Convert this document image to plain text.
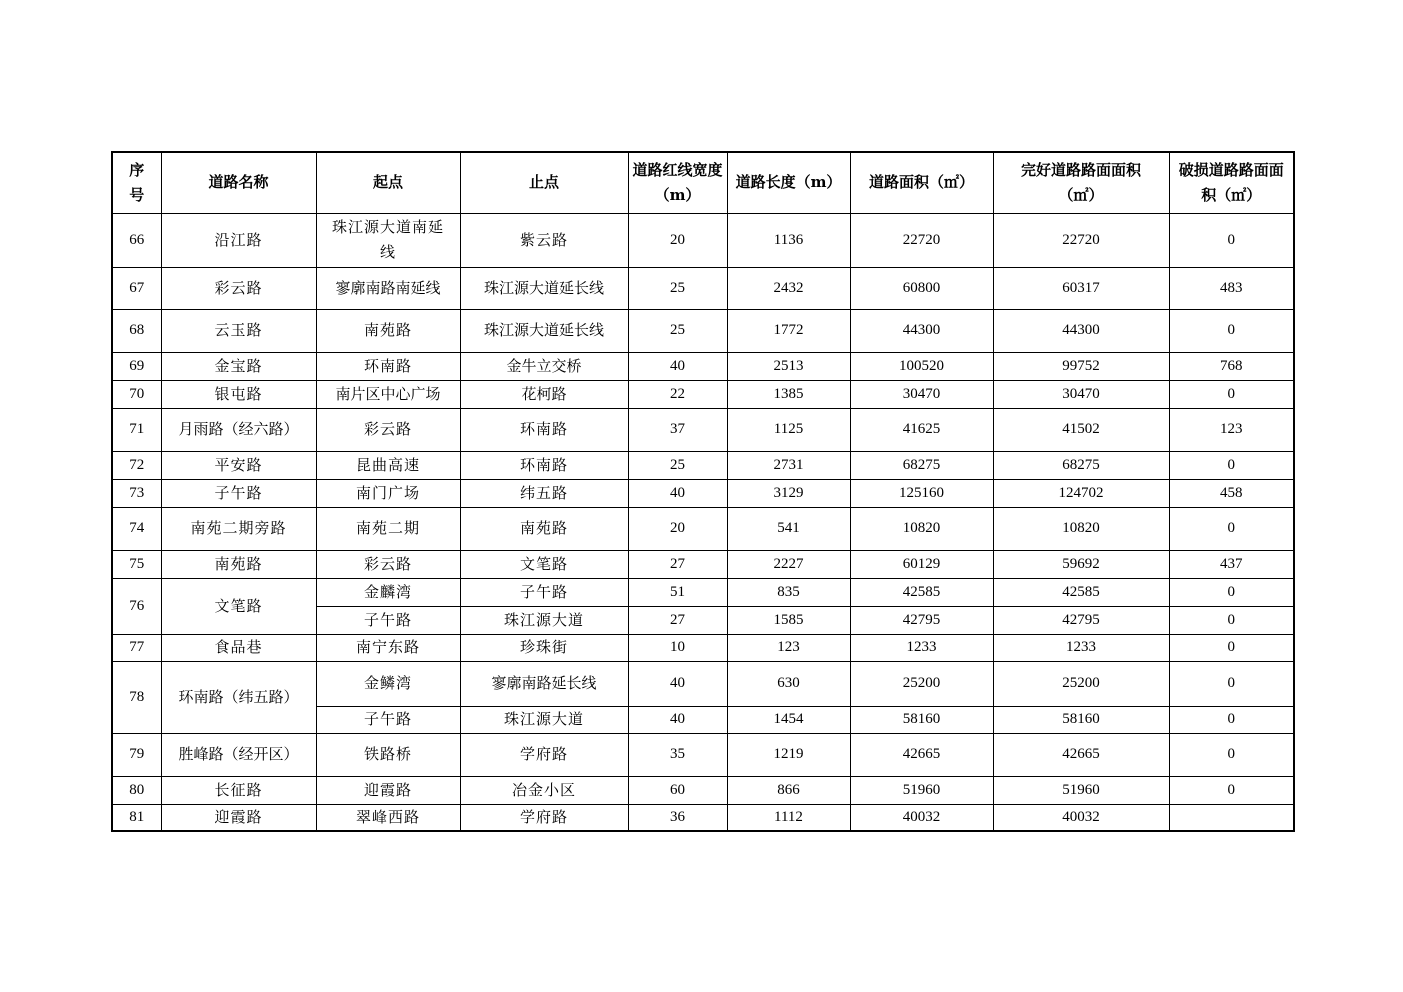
序号	道路名称	起点	止点	道路红线宽度（m）	道路长度（m）	道路面积（㎡）	完好道路路面面积（㎡）	破损道路路面面积（㎡）
66	沿江路	珠江源大道南延线	紫云路	20	1136	22720	22720	0
67	彩云路	寥廓南路南延线	珠江源大道延长线	25	2432	60800	60317	483
68	云玉路	南苑路	珠江源大道延长线	25	1772	44300	44300	0
69	金宝路	环南路	金牛立交桥	40	2513	100520	99752	768
70	银屯路	南片区中心广场	花柯路	22	1385	30470	30470	0
71	月雨路（经六路）	彩云路	环南路	37	1125	41625	41502	123
72	平安路	昆曲高速	环南路	25	2731	68275	68275	0
73	子午路	南门广场	纬五路	40	3129	125160	124702	458
74	南苑二期旁路	南苑二期	南苑路	20	541	10820	10820	0
75	南苑路	彩云路	文笔路	27	2227	60129	59692	437
76	文笔路	金麟湾	子午路	51	835	42585	42585	0
		子午路	珠江源大道	27	1585	42795	42795	0
77	食品巷	南宁东路	珍珠街	10	123	1233	1233	0
78	环南路（纬五路）	金鳞湾	寥廓南路延长线	40	630	25200	25200	0
		子午路	珠江源大道	40	1454	58160	58160	0
79	胜峰路（经开区）	铁路桥	学府路	35	1219	42665	42665	0
80	长征路	迎霞路	冶金小区	60	866	51960	51960	0
81	迎霞路	翠峰西路	学府路	36	1112	40032	40032	
